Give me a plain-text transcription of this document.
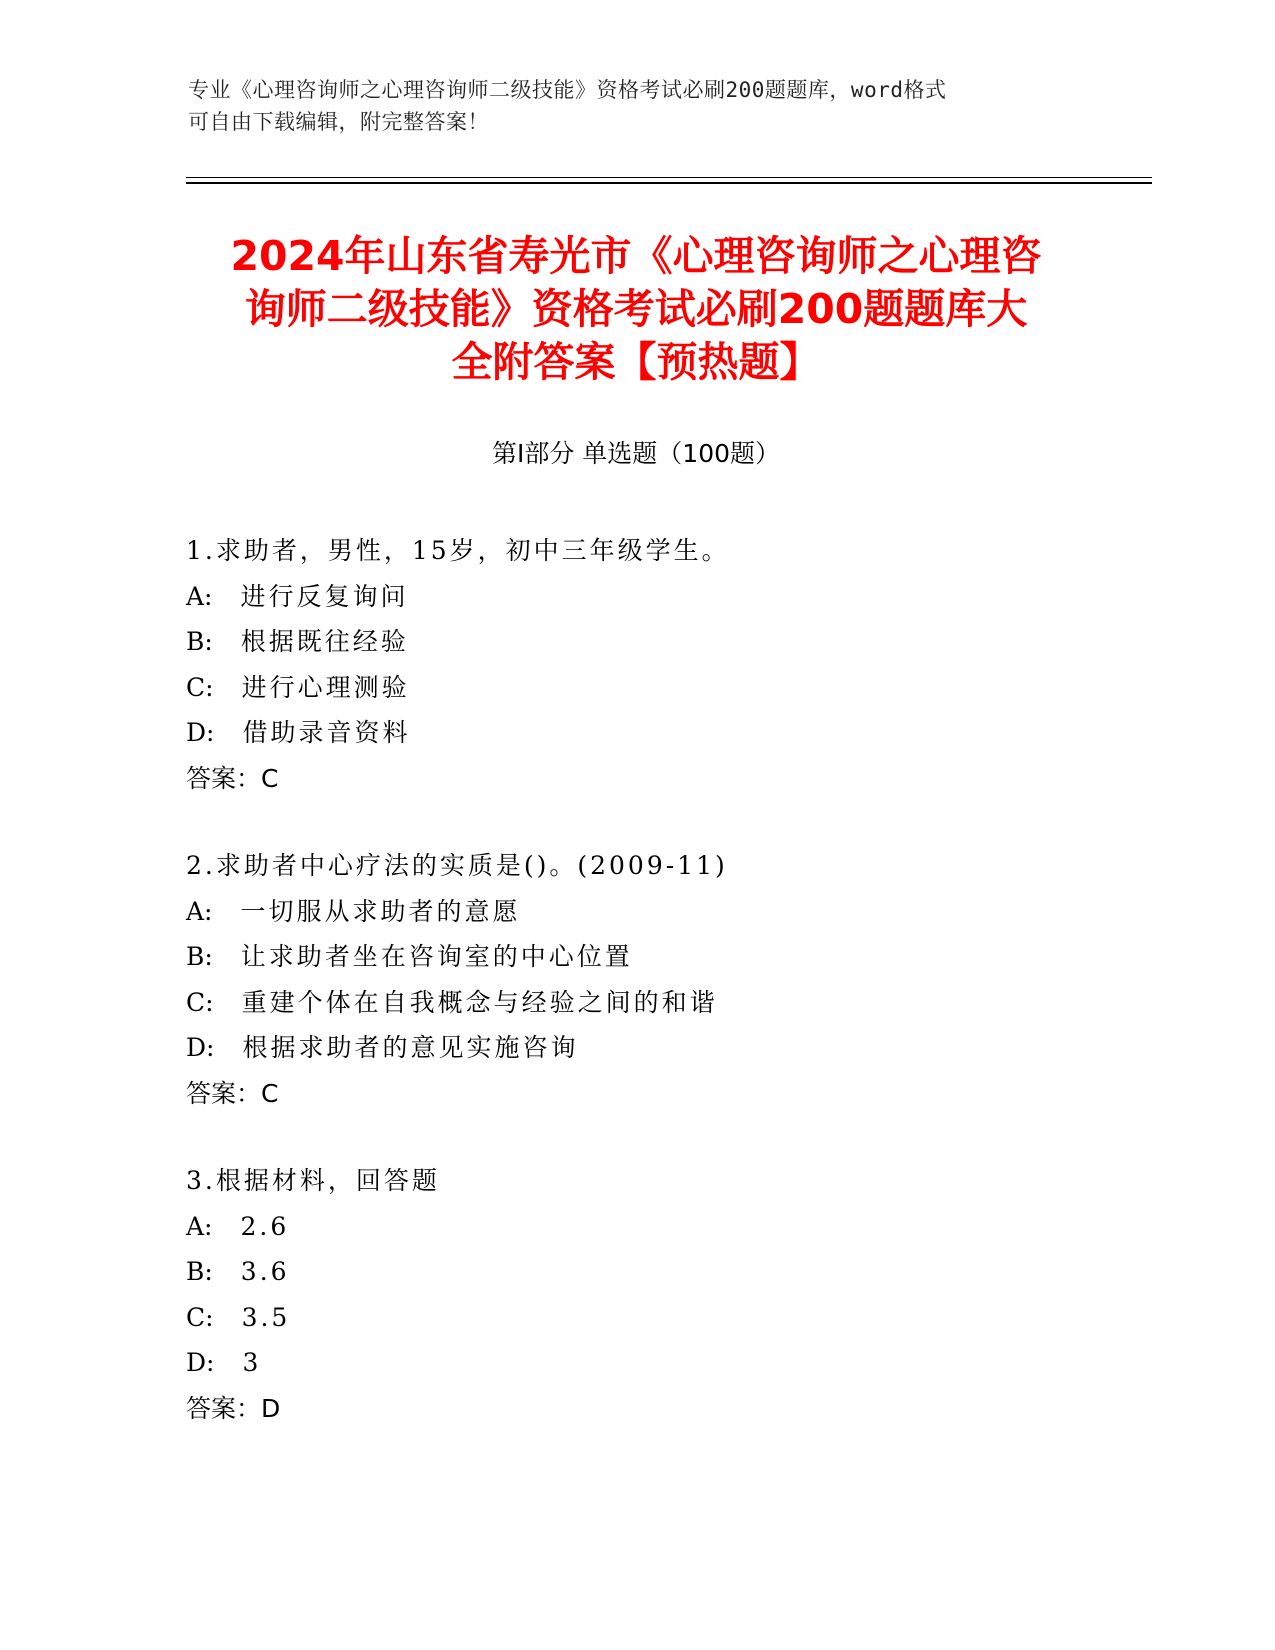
专业《心理咨询师之心理咨询师二级技能》资格考试必刷200题题库，word格式
可自由下载编辑，附完整答案！
2024年山东省寿光市《心理咨询师之心理咨
询师二级技能》资格考试必刷200题题库大
全附答案【预热题】
第Ⅰ部分 单选题（100题）
1.求助者，男性，15岁，初中三年级学生。
A: 进行反复询问
B: 根据既往经验
C: 进行心理测验
D: 借助录音资料
答案：C
2.求助者中心疗法的实质是()。(2009-11)
A: 一切服从求助者的意愿
B: 让求助者坐在咨询室的中心位置
C: 重建个体在自我概念与经验之间的和谐
D: 根据求助者的意见实施咨询
答案：C
3.根据材料，回答题
A: 2.6
B: 3.6
C: 3.5
D: 3
答案：D
